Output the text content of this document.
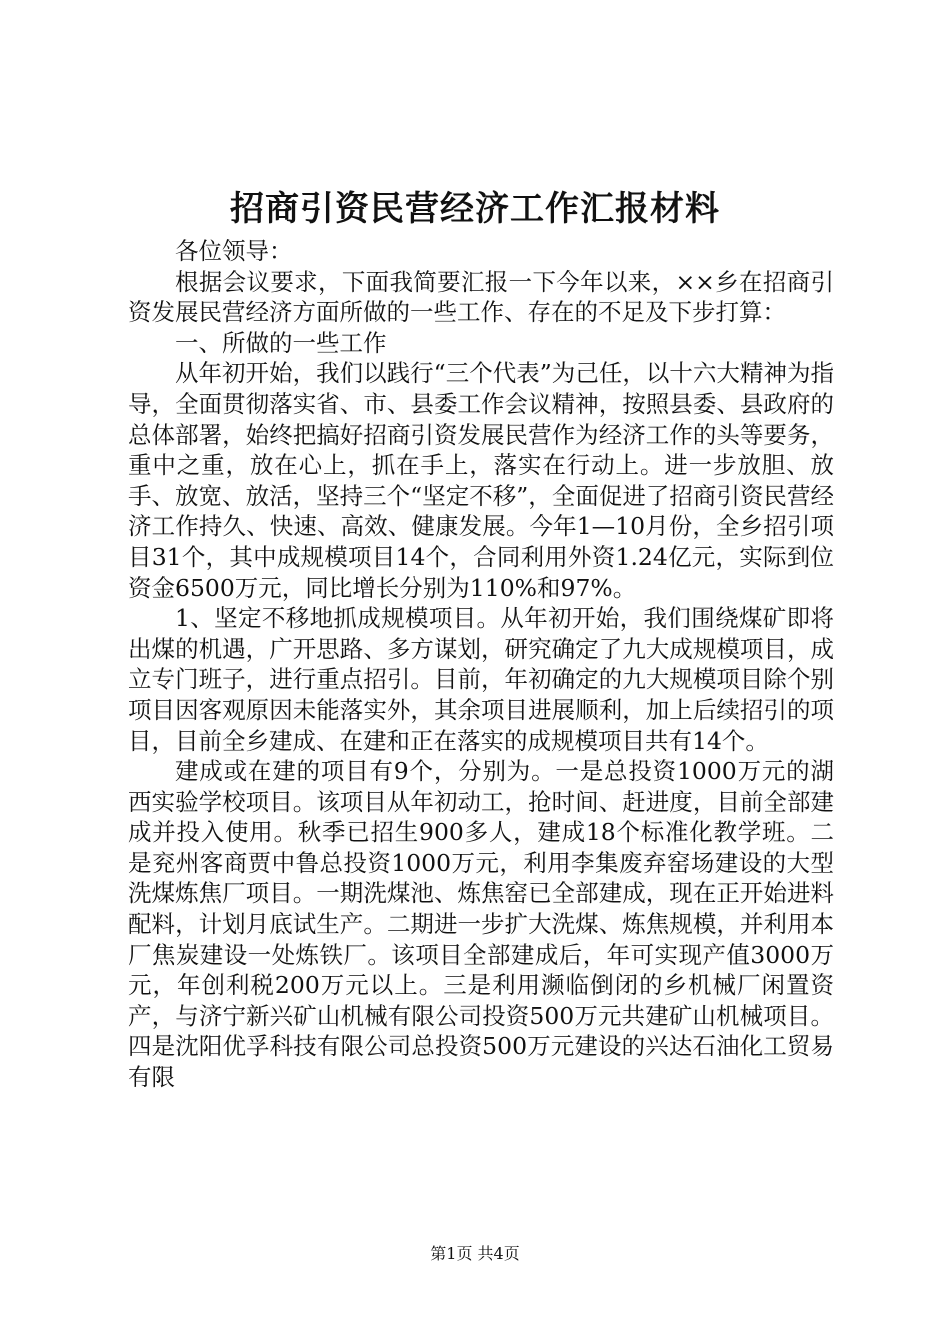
招商引资民营经济工作汇报材料

各位领导：

根据会议要求，下面我简要汇报一下今年以来，××乡在招商引资发展民营经济方面所做的一些工作、存在的不足及下步打算：

一、所做的一些工作

从年初开始，我们以践行“三个代表”为己任，以十六大精神为指导，全面贯彻落实省、市、县委工作会议精神，按照县委、县政府的总体部署，始终把搞好招商引资发展民营作为经济工作的头等要务，重中之重，放在心上，抓在手上，落实在行动上。进一步放胆、放手、放宽、放活，坚持三个“坚定不移”，全面促进了招商引资民营经济工作持久、快速、高效、健康发展。今年1—10月份，全乡招引项目31个，其中成规模项目14个，合同利用外资1.24亿元，实际到位资金6500万元，同比增长分别为110%和97%。

1、坚定不移地抓成规模项目。从年初开始，我们围绕煤矿即将出煤的机遇，广开思路、多方谋划，研究确定了九大成规模项目，成立专门班子，进行重点招引。目前，年初确定的九大规模项目除个别项目因客观原因未能落实外，其余项目进展顺利，加上后续招引的项目，目前全乡建成、在建和正在落实的成规模项目共有14个。

建成或在建的项目有9个，分别为。一是总投资1000万元的湖西实验学校项目。该项目从年初动工，抢时间、赶进度，目前全部建成并投入使用。秋季已招生900多人，建成18个标准化教学班。二是兖州客商贾中鲁总投资1000万元，利用李集废弃窑场建设的大型洗煤炼焦厂项目。一期洗煤池、炼焦窑已全部建成，现在正开始进料配料，计划月底试生产。二期进一步扩大洗煤、炼焦规模，并利用本厂焦炭建设一处炼铁厂。该项目全部建成后，年可实现产值3000万元，年创利税200万元以上。三是利用濒临倒闭的乡机械厂闲置资产，与济宁新兴矿山机械有限公司投资500万元共建矿山机械项目。四是沈阳优孚科技有限公司总投资500万元建设的兴达石油化工贸易有限

第1页 共4页
